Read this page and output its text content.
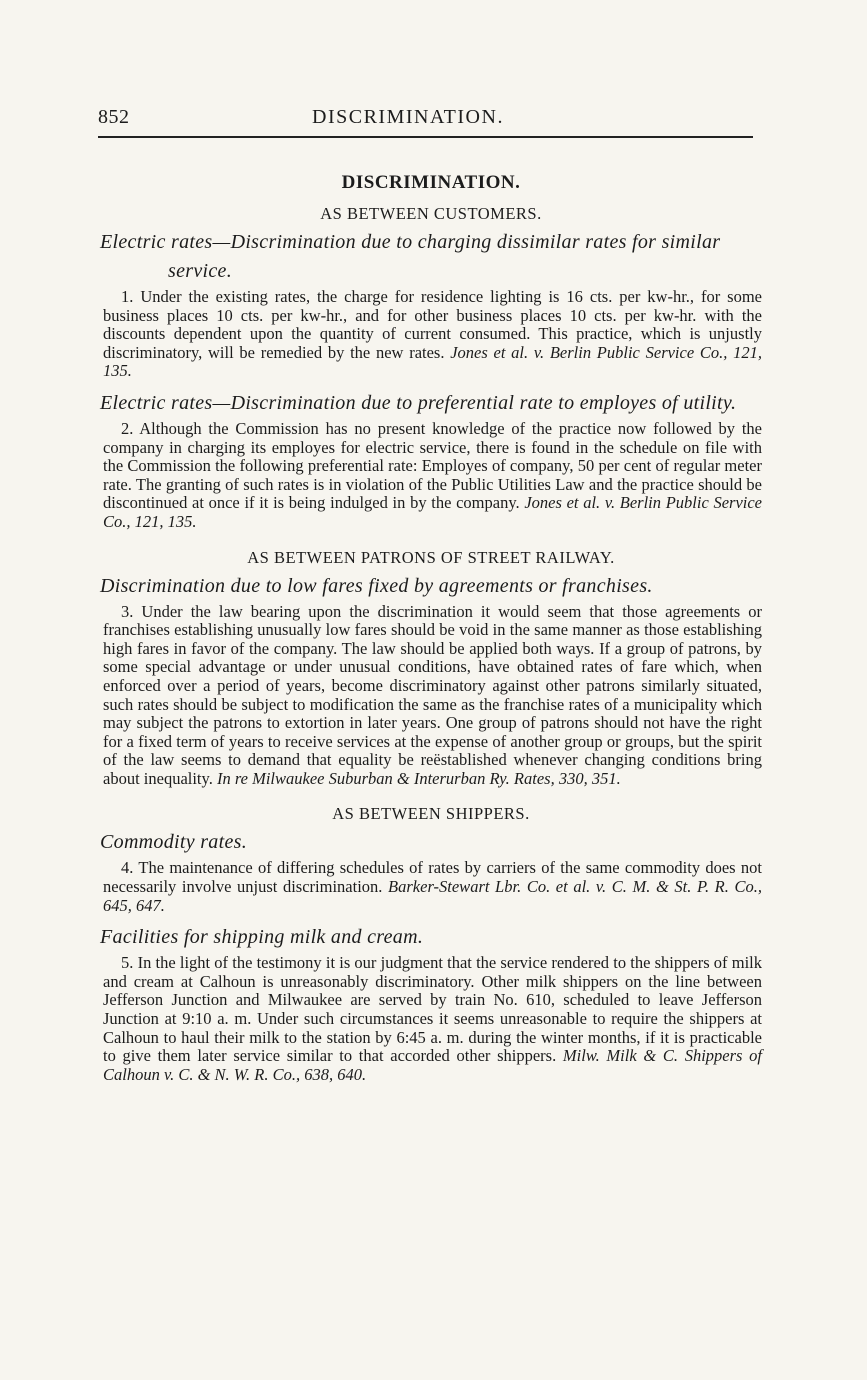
852	DISCRIMINATION.
DISCRIMINATION.
AS BETWEEN CUSTOMERS.
Electric rates—Discrimination due to charging dissimilar rates for similar service.
1. Under the existing rates, the charge for residence lighting is 16 cts. per kw-hr., for some business places 10 cts. per kw-hr., and for other business places 10 cts. per kw-hr. with the discounts dependent upon the quantity of current consumed. This practice, which is unjustly discriminatory, will be remedied by the new rates. Jones et al. v. Berlin Public Service Co., 121, 135.
Electric rates—Discrimination due to preferential rate to employes of utility.
2. Although the Commission has no present knowledge of the practice now followed by the company in charging its employes for electric service, there is found in the schedule on file with the Commission the following preferential rate: Employes of company, 50 per cent of regular meter rate. The granting of such rates is in violation of the Public Utilities Law and the practice should be discontinued at once if it is being indulged in by the company. Jones et al. v. Berlin Public Service Co., 121, 135.
AS BETWEEN PATRONS OF STREET RAILWAY.
Discrimination due to low fares fixed by agreements or franchises.
3. Under the law bearing upon the discrimination it would seem that those agreements or franchises establishing unusually low fares should be void in the same manner as those establishing high fares in favor of the company. The law should be applied both ways. If a group of patrons, by some special advantage or under unusual conditions, have obtained rates of fare which, when enforced over a period of years, become discriminatory against other patrons similarly situated, such rates should be subject to modification the same as the franchise rates of a municipality which may subject the patrons to extortion in later years. One group of patrons should not have the right for a fixed term of years to receive services at the expense of another group or groups, but the spirit of the law seems to demand that equality be reëstablished whenever changing conditions bring about inequality. In re Milwaukee Suburban & Interurban Ry. Rates, 330, 351.
AS BETWEEN SHIPPERS.
Commodity rates.
4. The maintenance of differing schedules of rates by carriers of the same commodity does not necessarily involve unjust discrimination. Barker-Stewart Lbr. Co. et al. v. C. M. & St. P. R. Co., 645, 647.
Facilities for shipping milk and cream.
5. In the light of the testimony it is our judgment that the service rendered to the shippers of milk and cream at Calhoun is unreasonably discriminatory. Other milk shippers on the line between Jefferson Junction and Milwaukee are served by train No. 610, scheduled to leave Jefferson Junction at 9:10 a. m. Under such circumstances it seems unreasonable to require the shippers at Calhoun to haul their milk to the station by 6:45 a. m. during the winter months, if it is practicable to give them later service similar to that accorded other shippers. Milw. Milk & C. Shippers of Calhoun v. C. & N. W. R. Co., 638, 640.
